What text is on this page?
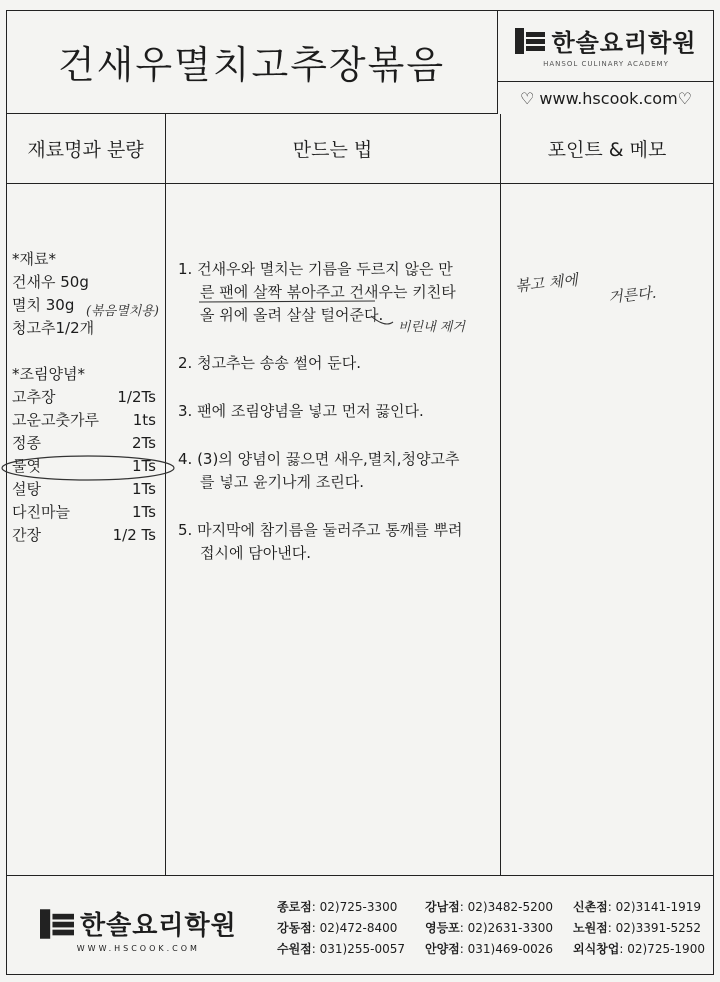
건새우멸치고추장볶음	한솔요리학원
HANSOL CULINARY ACADEMY
♡ www.hscook.com♡
재료명과 분량	만드는 법	포인트 & 메모
*재료*
건새우 50g
멸치 30g
청고추1/2개
*조림양념*
고추장	1/2Ts
고운고춧가루 1ts
정종	2Ts
물엿	1Ts
설탕	1Ts
다진마늘	1Ts
간장	1/2 Ts
(볶음멸치용)
1. 건새우와 멸치는 기름을 두르지 않은 만
른 팬에 살짝 볶아주고 건새우는 키친타
올 위에 올려 살살 털어준다.
2. 청고추는 송송 썰어 둔다.
3. 팬에 조림양념을 넣고 먼저 끓인다.
4. (3)의 양념이 끓으면 새우,멸치,청양고추
를 넣고 윤기나게 조린다.
5. 마지막에 참기름을 둘러주고 통깨를 뿌려
접시에 담아낸다.
비린내 제거
볶고 체에 거른다.
한솔요리학원
WWW.HSCOOK.COM
종로점: 02)725-3300	강남점: 02)3482-5200	신촌점: 02)3141-1919
강동점: 02)472-8400	영등포: 02)2631-3300	노원점: 02)3391-5252
수원점: 031)255-0057	안양점: 031)469-0026	외식창업: 02)725-1900
